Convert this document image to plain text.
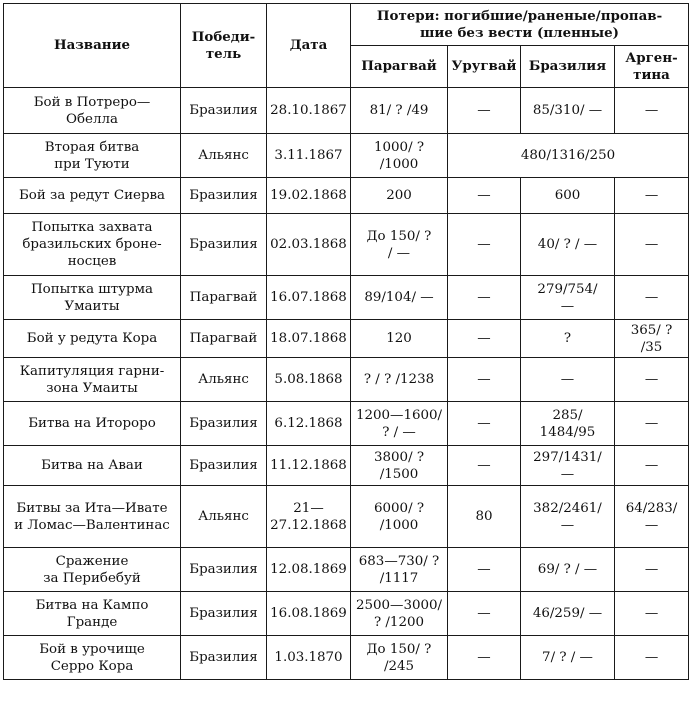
Название	Победи-
тель	Дата	Потери: погибшие/раненые/пропав-
шие без вести (пленные)			

			Парагвай	Уругвай	Бразилия	Арген-
тина

Бой в Потреро—
Обелла	Бразилия	28.10.1867	81/ ? /49	—	85/310/ —	—

Вторая битва
при Туюти	Альянс	3.11.1867	1000/ ?
/1000	480/1316/250		

Бой за редут Сиерва	Бразилия	19.02.1868	200	—	600	—

Попытка захвата
бразильских броне-
носцев	Бразилия	02.03.1868	До 150/ ?
/ —	—	40/ ? / —	—

Попытка штурма
Умаиты	Парагвай	16.07.1868	89/104/ —	—	279/754/
—	—

Бой у редута Кора	Парагвай	18.07.1868	120	—	?	365/ ?
/35

Капитуляция гарни-
зона Умаиты	Альянс	5.08.1868	? / ? /1238	—	—	—

Битва на Итороро	Бразилия	6.12.1868	1200—1600/
? / —	—	285/
1484/95	—

Битва на Аваи	Бразилия	11.12.1868	3800/ ?
/1500	—	297/1431/
—	—

Битвы за Ита—Ивате
и Ломас—Валентинас	Альянс	21—
27.12.1868	6000/ ?
/1000	80	382/2461/
—	64/283/
—

Сражение
за Перибебуй	Бразилия	12.08.1869	683—730/ ?
/1117	—	69/ ? / —	—

Битва на Кампо
Гранде	Бразилия	16.08.1869	2500—3000/
? /1200	—	46/259/ —	—

Бой в урочище
Серро Кора	Бразилия	1.03.1870	До 150/ ?
/245	—	7/ ? / —	—
